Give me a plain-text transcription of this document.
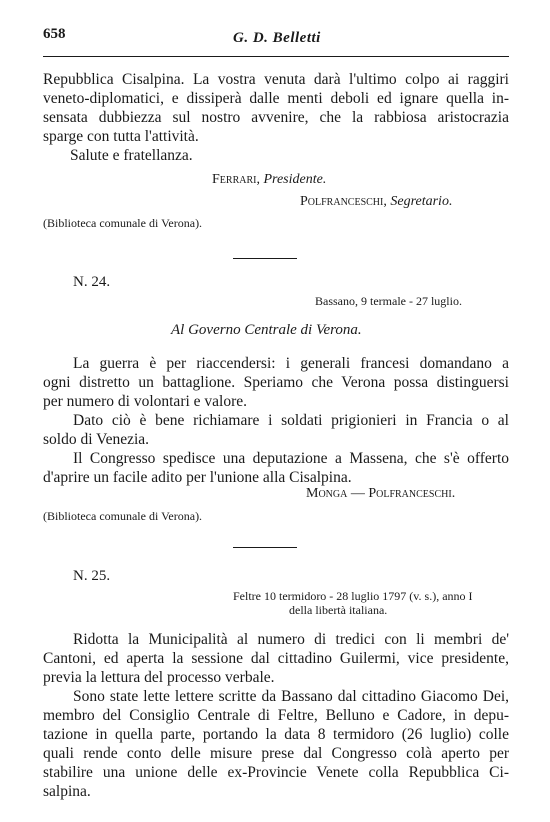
658	G. D. Belletti
Repubblica Cisalpina. La vostra venuta darà l'ultimo colpo ai raggiri
veneto-diplomatici, e dissiperà dalle menti deboli ed ignare quella in-
sensata dubbiezza sul nostro avvenire, che la rabbiosa aristocrazia
sparge con tutta l'attività.
Salute e fratellanza.
Ferrari, Presidente.
Polfranceschi, Segretario.
(Biblioteca comunale di Verona).
N. 24.
Bassano, 9 termale - 27 luglio.
Al Governo Centrale di Verona.
La guerra è per riaccendersi: i generali francesi domandano a
ogni distretto un battaglione. Speriamo che Verona possa distinguersi
per numero di volontari e valore.
Dato ciò è bene richiamare i soldati prigionieri in Francia o al
soldo di Venezia.
Il Congresso spedisce una deputazione a Massena, che s'è offerto
d'aprire un facile adito per l'unione alla Cisalpina.
Monga — Polfranceschi.
(Biblioteca comunale di Verona).
N. 25.
Feltre 10 termidoro - 28 luglio 1797 (v. s.), anno I
della libertà italiana.
Ridotta la Municipalità al numero di tredici con li membri de'
Cantoni, ed aperta la sessione dal cittadino Guilermi, vice presidente,
previa la lettura del processo verbale.
Sono state lette lettere scritte da Bassano dal cittadino Giacomo Dei,
membro del Consiglio Centrale di Feltre, Belluno e Cadore, in depu-
tazione in quella parte, portando la data 8 termidoro (26 luglio) colle
quali rende conto delle misure prese dal Congresso colà aperto per
stabilire una unione delle ex-Provincie Venete colla Repubblica Ci-
salpina.
